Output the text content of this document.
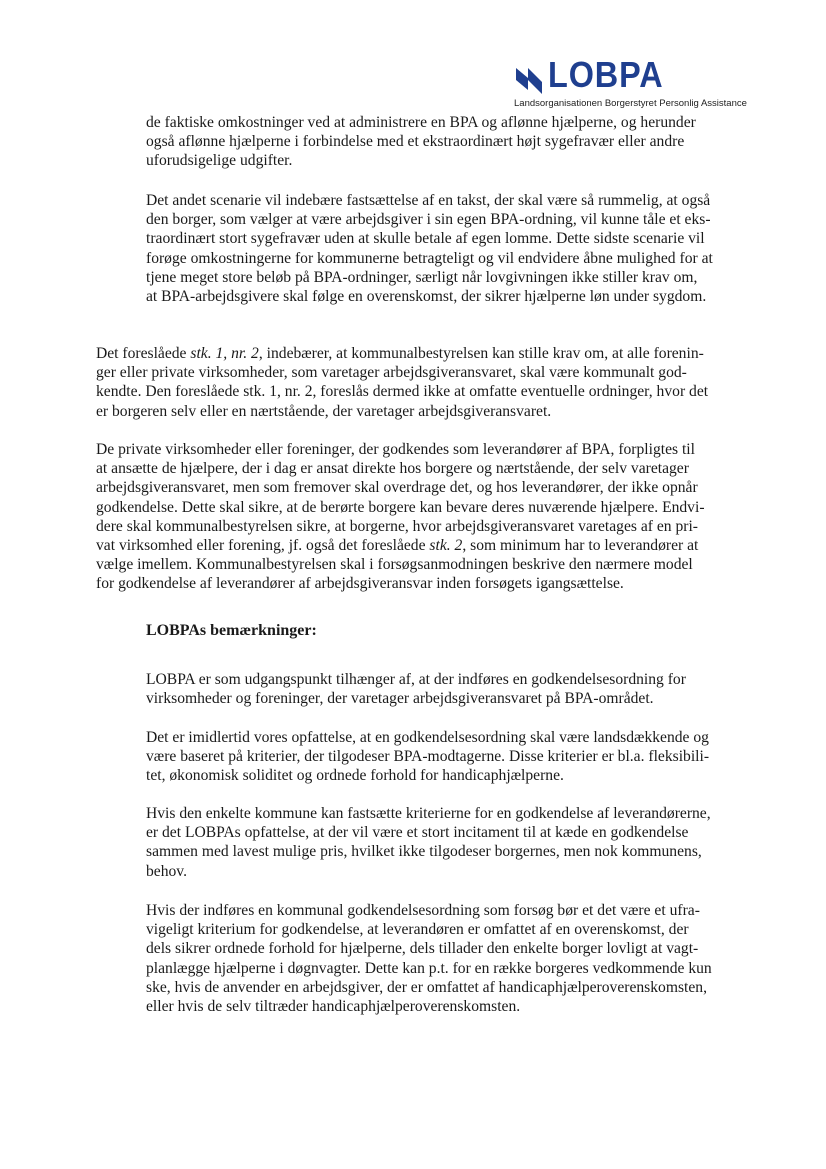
LOBPA
Landsorganisationen Borgerstyret Personlig Assistance

de faktiske omkostninger ved at administrere en BPA og aflønne hjælperne, og herunder
også aflønne hjælperne i forbindelse med et ekstraordinært højt sygefravær eller andre
uforudsigelige udgifter.

Det andet scenarie vil indebære fastsættelse af en takst, der skal være så rummelig, at også
den borger, som vælger at være arbejdsgiver i sin egen BPA-ordning, vil kunne tåle et eks-
traordinært stort sygefravær uden at skulle betale af egen lomme. Dette sidste scenarie vil
forøge omkostningerne for kommunerne betragteligt og vil endvidere åbne mulighed for at
tjene meget store beløb på BPA-ordninger, særligt når lovgivningen ikke stiller krav om,
at BPA-arbejdsgivere skal følge en overenskomst, der sikrer hjælperne løn under sygdom.

Det foreslåede stk. 1, nr. 2, indebærer, at kommunalbestyrelsen kan stille krav om, at alle forenin-
ger eller private virksomheder, som varetager arbejdsgiveransvaret, skal være kommunalt god-
kendte. Den foreslåede stk. 1, nr. 2, foreslås dermed ikke at omfatte eventuelle ordninger, hvor det
er borgeren selv eller en nærtstående, der varetager arbejdsgiveransvaret.

De private virksomheder eller foreninger, der godkendes som leverandører af BPA, forpligtes til
at ansætte de hjælpere, der i dag er ansat direkte hos borgere og nærtstående, der selv varetager
arbejdsgiveransvaret, men som fremover skal overdrage det, og hos leverandører, der ikke opnår
godkendelse. Dette skal sikre, at de berørte borgere kan bevare deres nuværende hjælpere. Endvi-
dere skal kommunalbestyrelsen sikre, at borgerne, hvor arbejdsgiveransvaret varetages af en pri-
vat virksomhed eller forening, jf. også det foreslåede stk. 2, som minimum har to leverandører at
vælge imellem. Kommunalbestyrelsen skal i forsøgsanmodningen beskrive den nærmere model
for godkendelse af leverandører af arbejdsgiveransvar inden forsøgets igangsættelse.

LOBPAs bemærkninger:

LOBPA er som udgangspunkt tilhænger af, at der indføres en godkendelsesordning for
virksomheder og foreninger, der varetager arbejdsgiveransvaret på BPA-området.

Det er imidlertid vores opfattelse, at en godkendelsesordning skal være landsdækkende og
være baseret på kriterier, der tilgodeser BPA-modtagerne. Disse kriterier er bl.a. fleksibili-
tet, økonomisk soliditet og ordnede forhold for handicaphjælperne.

Hvis den enkelte kommune kan fastsætte kriterierne for en godkendelse af leverandørerne,
er det LOBPAs opfattelse, at der vil være et stort incitament til at kæde en godkendelse
sammen med lavest mulige pris, hvilket ikke tilgodeser borgernes, men nok kommunens,
behov.

Hvis der indføres en kommunal godkendelsesordning som forsøg bør et det være et ufra-
vigeligt kriterium for godkendelse, at leverandøren er omfattet af en overenskomst, der
dels sikrer ordnede forhold for hjælperne, dels tillader den enkelte borger lovligt at vagt-
planlægge hjælperne i døgnvagter. Dette kan p.t. for en række borgeres vedkommende kun
ske, hvis de anvender en arbejdsgiver, der er omfattet af handicaphjælperoverenskomsten,
eller hvis de selv tiltræder handicaphjælperoverenskomsten.
